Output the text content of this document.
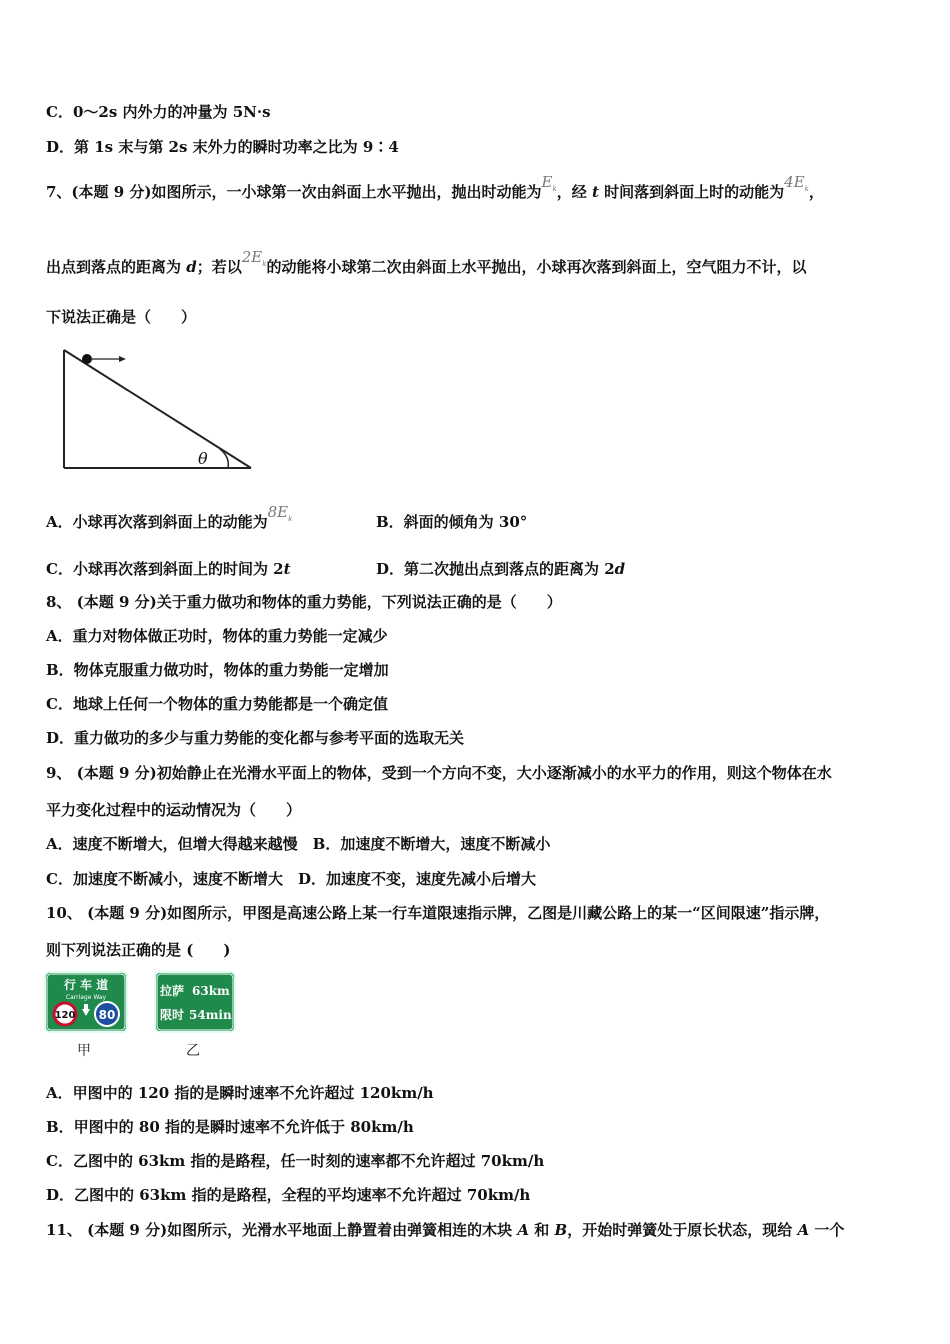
C．0～2s 内外力的冲量为 5N·s
D．第 1s 末与第 2s 末外力的瞬时功率之比为 9∶4
7、(本题 9 分)如图所示，一小球第一次由斜面上水平抛出，抛出时动能为$E_k$，经 t 时间落到斜面上时的动能为$4E_k$，
出点到落点的距离为 d；若以$2E_k$的动能将小球第二次由斜面上水平抛出，小球再次落到斜面上，空气阻力不计，以
下说法正确是（　　）
θ
A．小球再次落到斜面上的动能为$8E_k$	B．斜面的倾角为 30°
C．小球再次落到斜面上的时间为 2t	D．第二次抛出点到落点的距离为 2d
8、 (本题 9 分)关于重力做功和物体的重力势能，下列说法正确的是（　　）
A．重力对物体做正功时，物体的重力势能一定减少
B．物体克服重力做功时，物体的重力势能一定增加
C．地球上任何一个物体的重力势能都是一个确定值
D．重力做功的多少与重力势能的变化都与参考平面的选取无关
9、 (本题 9 分)初始静止在光滑水平面上的物体，受到一个方向不变，大小逐渐减小的水平力的作用，则这个物体在水
平力变化过程中的运动情况为（　　）
A．速度不断增大，但增大得越来越慢　B．加速度不断增大，速度不断减小
C．加速度不断减小，速度不断增大　D．加速度不变，速度先减小后增大
10、 (本题 9 分)如图所示，甲图是高速公路上某一行车道限速指示牌，乙图是川藏公路上的某一“区间限速”指示牌，
则下列说法正确的是 (　　)
行 车 道
Carriage Way
120 80
甲
拉萨 63km
限时 54min
乙
A．甲图中的 120 指的是瞬时速率不允许超过 120km/h
B．甲图中的 80 指的是瞬时速率不允许低于 80km/h
C．乙图中的 63km 指的是路程，任一时刻的速率都不允许超过 70km/h
D．乙图中的 63km 指的是路程，全程的平均速率不允许超过 70km/h
11、 (本题 9 分)如图所示，光滑水平地面上静置着由弹簧相连的木块 A 和 B，开始时弹簧处于原长状态，现给 A 一个
